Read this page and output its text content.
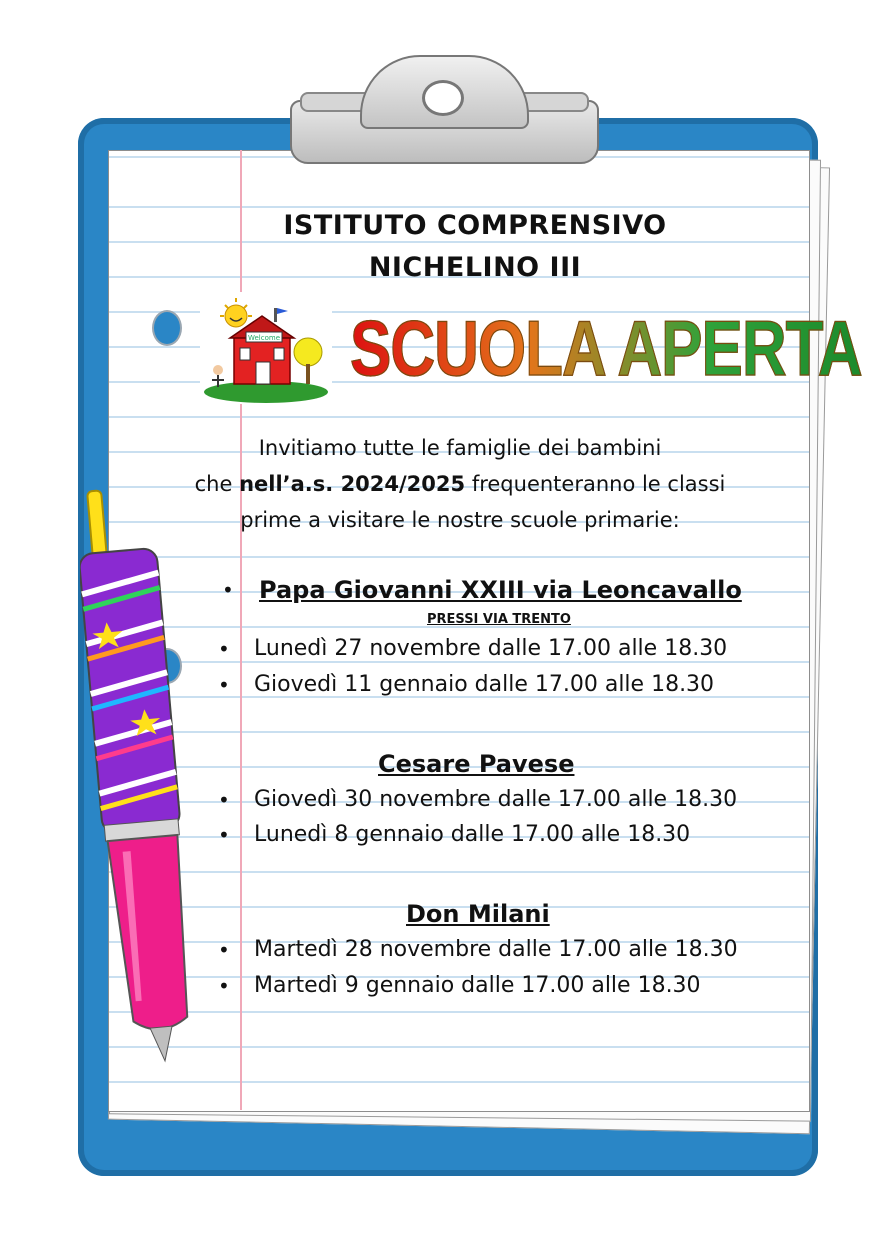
ISTITUTO COMPRENSIVO
NICHELINO III
Welcome SCUOLA APERTA
Invitiamo tutte le famiglie dei bambini
che nell’a.s. 2024/2025 frequenteranno le classi
prime a visitare le nostre scuole primarie:
• Papa Giovanni XXIII via Leoncavallo
PRESSI VIA TRENTO
• Lunedì 27 novembre dalle 17.00 alle 18.30
• Giovedì 11 gennaio dalle 17.00 alle 18.30
Cesare Pavese
• Giovedì 30 novembre dalle 17.00 alle 18.30
• Lunedì 8 gennaio dalle 17.00 alle 18.30
Don Milani
• Martedì 28 novembre dalle 17.00 alle 18.30
• Martedì 9 gennaio dalle 17.00 alle 18.30
